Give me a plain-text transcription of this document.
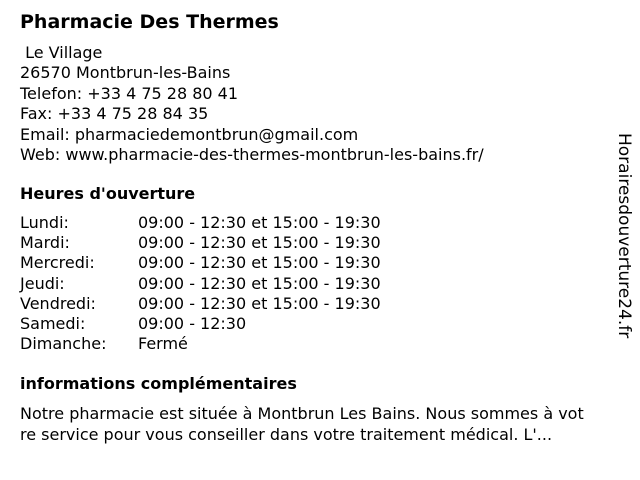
Pharmacie Des Thermes
Le Village
26570 Montbrun-les-Bains
Telefon: +33 4 75 28 80 41
Fax: +33 4 75 28 84 35
Email: pharmaciedemontbrun@gmail.com
Web: www.pharmacie-des-thermes-montbrun-les-bains.fr/
Heures d'ouverture
Lundi:	09:00 - 12:30 et 15:00 - 19:30
Mardi:	09:00 - 12:30 et 15:00 - 19:30
Mercredi:	09:00 - 12:30 et 15:00 - 19:30
Jeudi:	09:00 - 12:30 et 15:00 - 19:30
Vendredi:	09:00 - 12:30 et 15:00 - 19:30
Samedi:	09:00 - 12:30
Dimanche: Fermé
informations complémentaires
Notre pharmacie est située à Montbrun Les Bains. Nous sommes à vot
re service pour vous conseiller dans votre traitement médical. L'...
Horairesdouverture24.fr
